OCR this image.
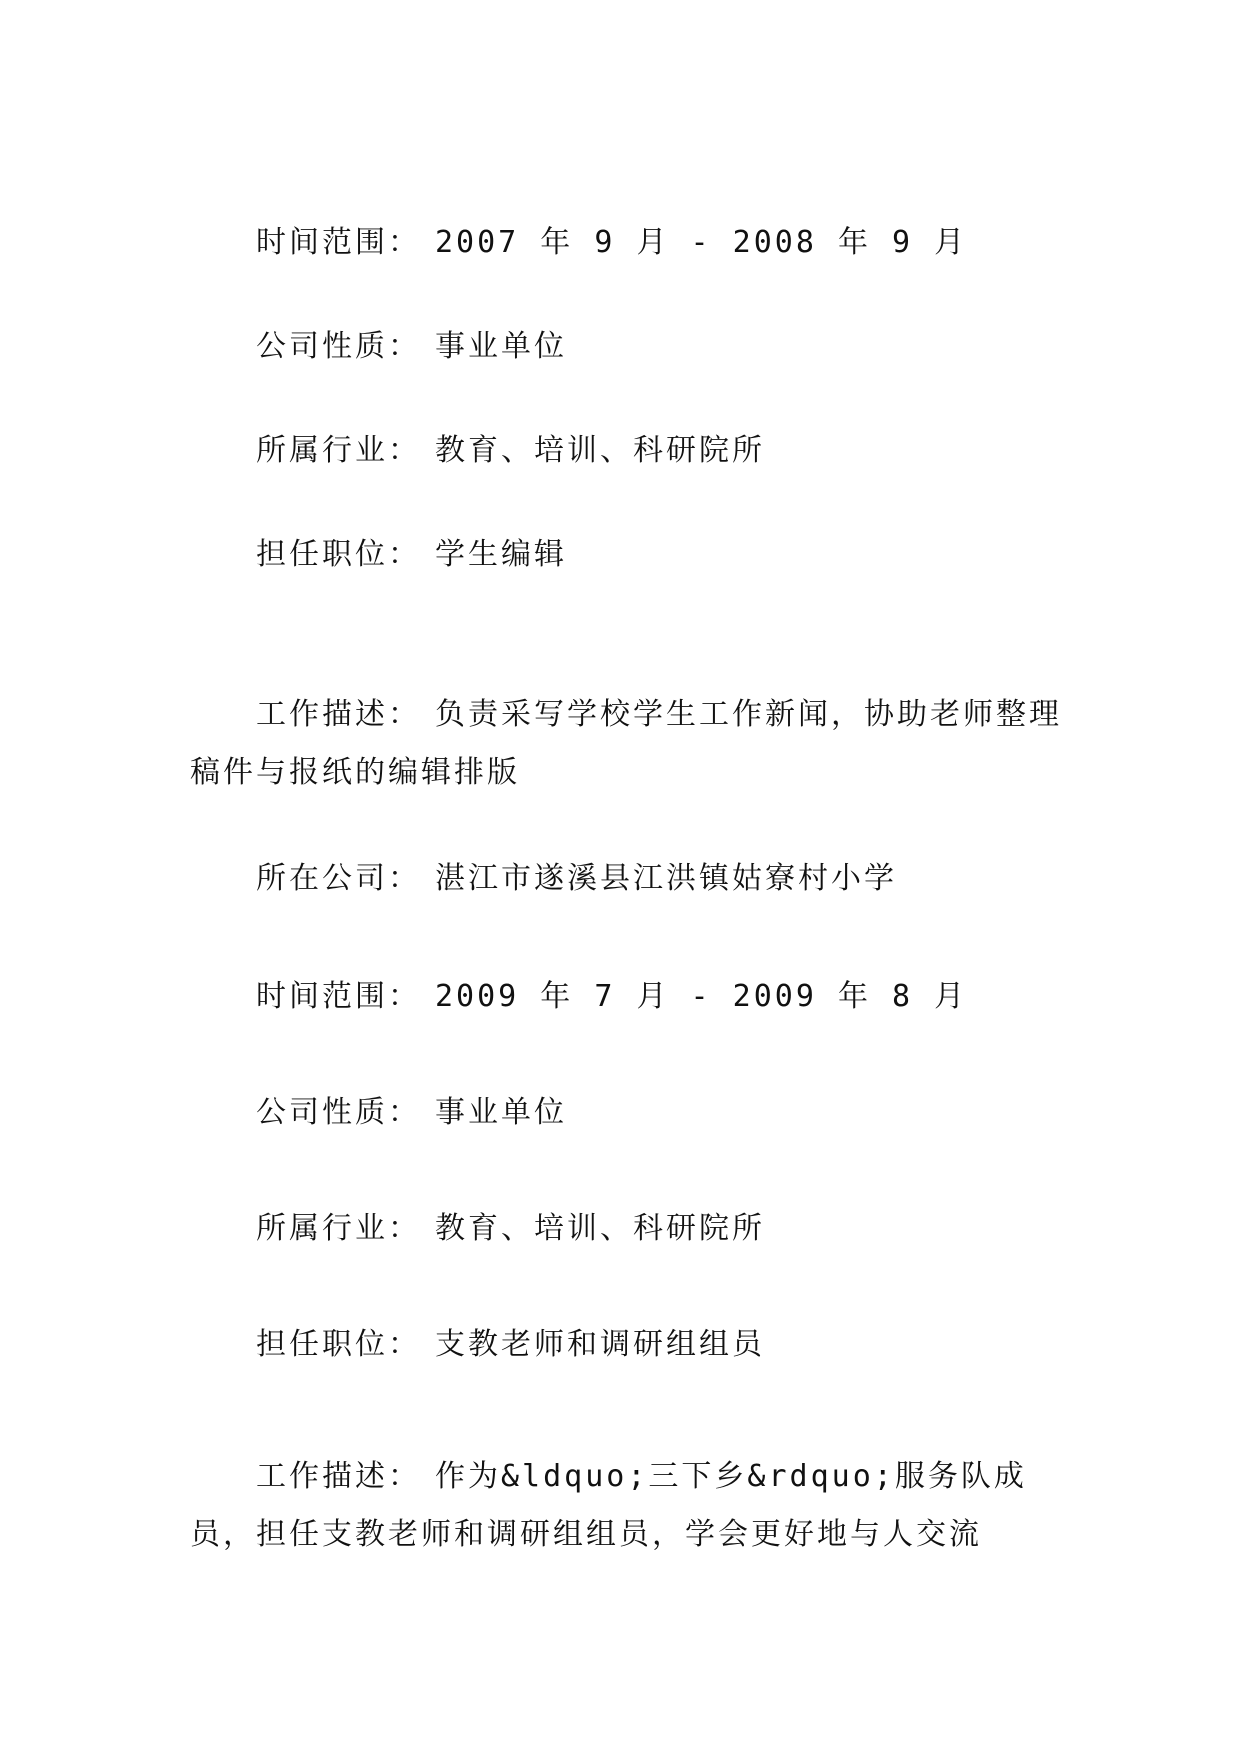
时间范围： 2007 年 9 月 - 2008 年 9 月
公司性质： 事业单位
所属行业： 教育、培训、科研院所
担任职位： 学生编辑
工作描述： 负责采写学校学生工作新闻，协助老师整理稿件与报纸的编辑排版
所在公司： 湛江市遂溪县江洪镇姑寮村小学
时间范围： 2009 年 7 月 - 2009 年 8 月
公司性质： 事业单位
所属行业： 教育、培训、科研院所
担任职位： 支教老师和调研组组员
工作描述： 作为&ldquo;三下乡&rdquo;服务队成员，担任支教老师和调研组组员，学会更好地与人交流
